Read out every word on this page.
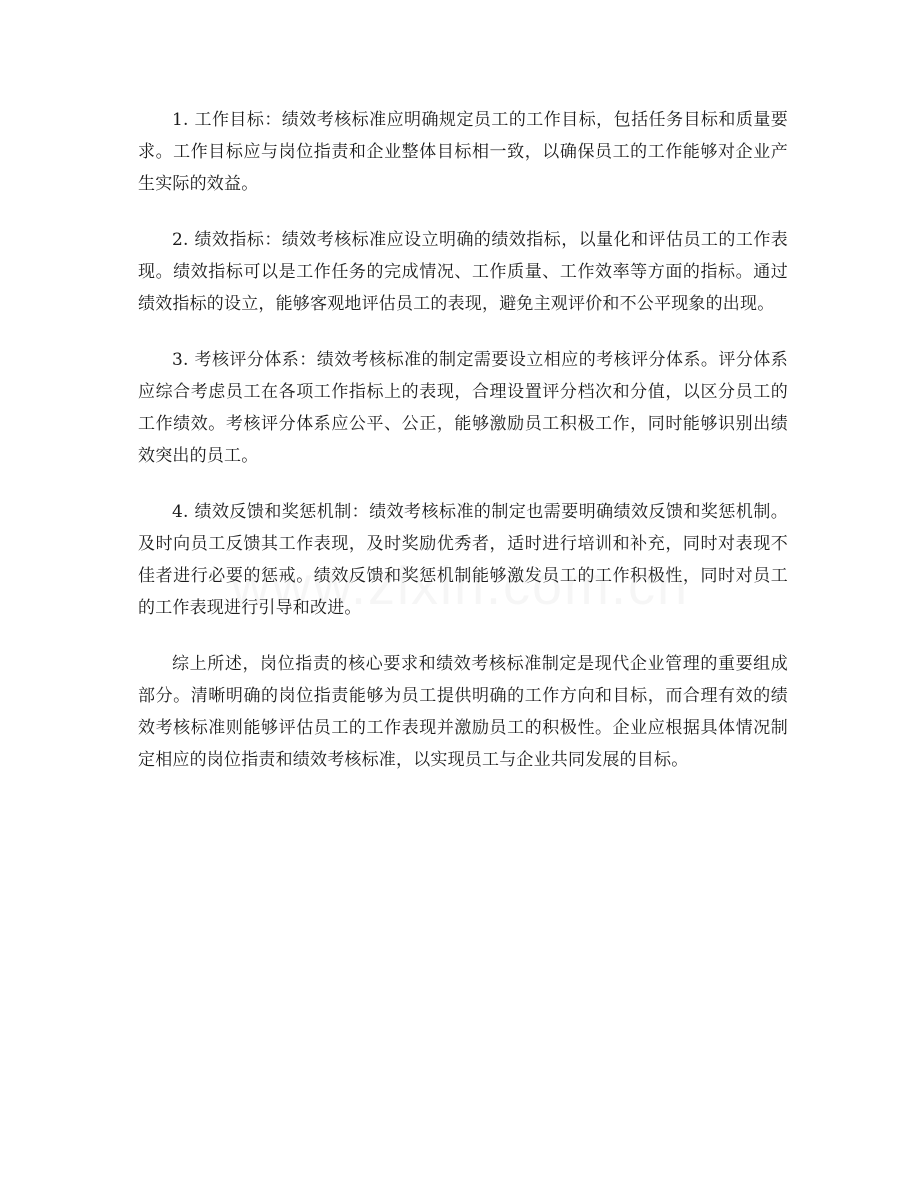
1. 工作目标：绩效考核标准应明确规定员工的工作目标，包括任务目标和质量要求。工作目标应与岗位指责和企业整体目标相一致，以确保员工的工作能够对企业产生实际的效益。

2. 绩效指标：绩效考核标准应设立明确的绩效指标，以量化和评估员工的工作表现。绩效指标可以是工作任务的完成情况、工作质量、工作效率等方面的指标。通过绩效指标的设立，能够客观地评估员工的表现，避免主观评价和不公平现象的出现。

3. 考核评分体系：绩效考核标准的制定需要设立相应的考核评分体系。评分体系应综合考虑员工在各项工作指标上的表现，合理设置评分档次和分值，以区分员工的工作绩效。考核评分体系应公平、公正，能够激励员工积极工作，同时能够识别出绩效突出的员工。

4. 绩效反馈和奖惩机制：绩效考核标准的制定也需要明确绩效反馈和奖惩机制。及时向员工反馈其工作表现，及时奖励优秀者，适时进行培训和补充，同时对表现不佳者进行必要的惩戒。绩效反馈和奖惩机制能够激发员工的工作积极性，同时对员工的工作表现进行引导和改进。

综上所述，岗位指责的核心要求和绩效考核标准制定是现代企业管理的重要组成部分。清晰明确的岗位指责能够为员工提供明确的工作方向和目标，而合理有效的绩效考核标准则能够评估员工的工作表现并激励员工的积极性。企业应根据具体情况制定相应的岗位指责和绩效考核标准，以实现员工与企业共同发展的目标。
